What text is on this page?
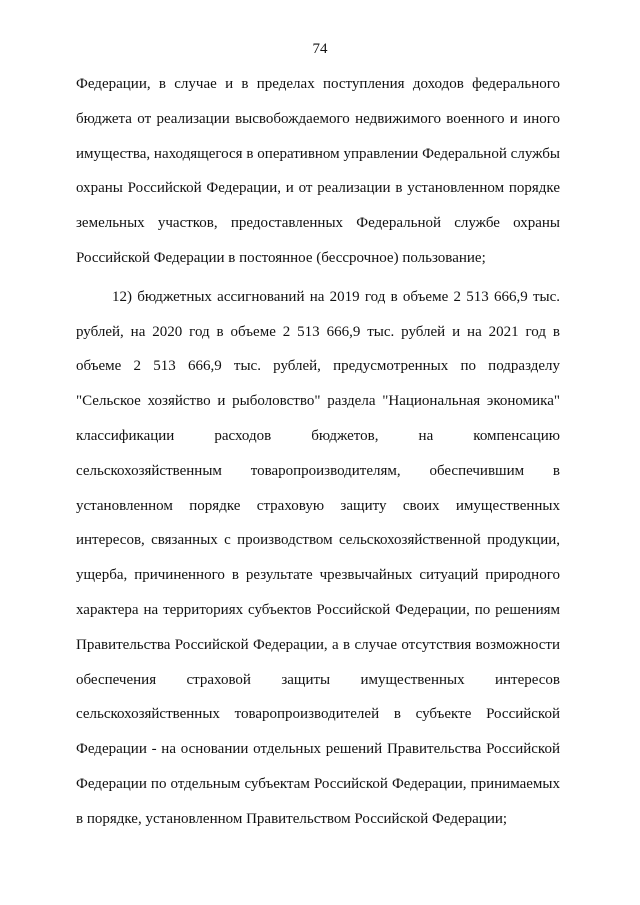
74
Федерации, в случае и в пределах поступления доходов федерального
бюджета от реализации высвобождаемого недвижимого военного и иного
имущества, находящегося в оперативном управлении Федеральной службы
охраны Российской Федерации, и от реализации в установленном порядке
земельных участков, предоставленных Федеральной службе охраны
Российской Федерации в постоянное (бессрочное) пользование;
12) бюджетных ассигнований на 2019 год в объеме 2 513 666,9 тыс.
рублей, на 2020 год в объеме 2 513 666,9 тыс. рублей и на 2021 год в
объеме 2 513 666,9 тыс. рублей, предусмотренных по подразделу
"Сельское хозяйство и рыболовство" раздела "Национальная экономика"
классификации расходов бюджетов, на компенсацию
сельскохозяйственным товаропроизводителям, обеспечившим в
установленном порядке страховую защиту своих имущественных
интересов, связанных с производством сельскохозяйственной продукции,
ущерба, причиненного в результате чрезвычайных ситуаций природного
характера на территориях субъектов Российской Федерации, по решениям
Правительства Российской Федерации, а в случае отсутствия возможности
обеспечения страховой защиты имущественных интересов
сельскохозяйственных товаропроизводителей в субъекте Российской
Федерации - на основании отдельных решений Правительства Российской
Федерации по отдельным субъектам Российской Федерации, принимаемых
в порядке, установленном Правительством Российской Федерации;
